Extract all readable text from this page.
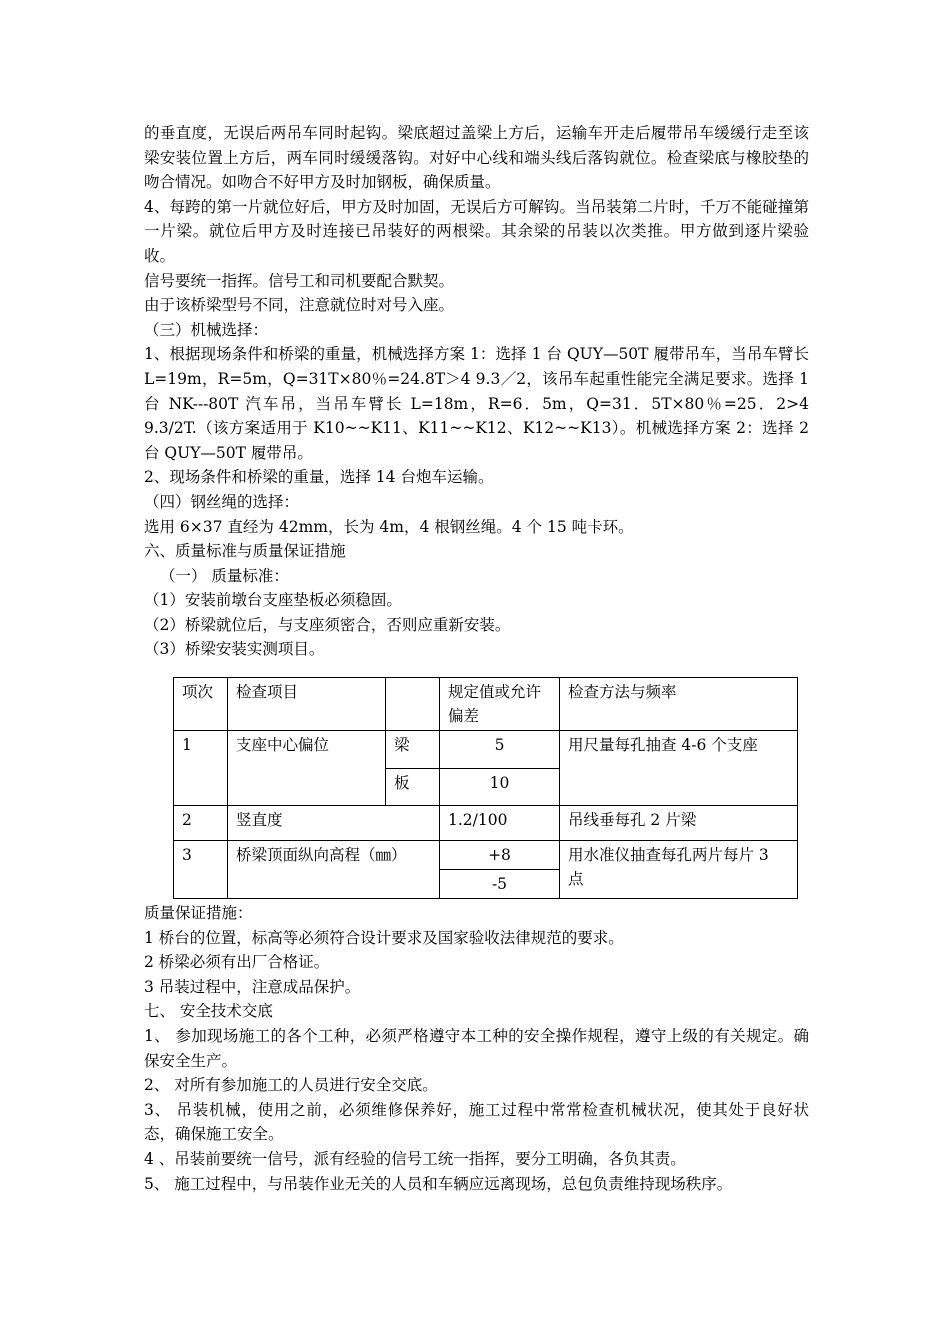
的垂直度，无误后两吊车同时起钩。梁底超过盖梁上方后，运输车开走后履带吊车缓缓行走至该梁安装位置上方后，两车同时缓缓落钩。对好中心线和端头线后落钩就位。检查梁底与橡胶垫的吻合情况。如吻合不好甲方及时加钢板，确保质量。

4、每跨的第一片就位好后，甲方及时加固，无误后方可解钩。当吊装第二片时，千万不能碰撞第一片梁。就位后甲方及时连接已吊装好的两根梁。其余梁的吊装以次类推。甲方做到逐片梁验收。

信号要统一指挥。信号工和司机要配合默契。

由于该桥梁型号不同，注意就位时对号入座。

（三）机械选择：

1、根据现场条件和桥梁的重量，机械选择方案 1：选择 1 台 QUY—50T 履带吊车，当吊车臂长 L=19m，R=5m，Q=31T×80％=24.8T＞4 9.3／2，该吊车起重性能完全满足要求。选择 1 台 NK---80T 汽车吊，当吊车臂长 L=18m，R=6．5m，Q=31．5T×80％=25．2>4 9.3/2T.（该方案适用于 K10~~K11、K11~~K12、K12~~K13）。机械选择方案 2：选择 2 台 QUY—50T 履带吊。

2、现场条件和桥梁的重量，选择 14 台炮车运输。

（四）钢丝绳的选择：

选用 6×37 直经为 42mm，长为 4m，4 根钢丝绳。4 个 15 吨卡环。

六、质量标准与质量保证措施

（一） 质量标准：

（1）安装前墩台支座垫板必须稳固。

（2）桥梁就位后，与支座须密合，否则应重新安装。

（3）桥梁安装实测项目。

项次	检查项目		规定值或允许偏差	检查方法与频率
1	支座中心偏位	梁	5	用尺量每孔抽查 4-6 个支座
		板	10	
2	竖直度		1.2/100	吊线垂每孔 2 片梁
3	桥梁顶面纵向高程（㎜）		+8	用水准仪抽查每孔两片每片 3 点
			-5	

质量保证措施：

1 桥台的位置，标高等必须符合设计要求及国家验收法律规范的要求。

2 桥梁必须有出厂合格证。

3 吊装过程中，注意成品保护。

七、 安全技术交底

1、 参加现场施工的各个工种，必须严格遵守本工种的安全操作规程，遵守上级的有关规定。确保安全生产。

2、 对所有参加施工的人员进行安全交底。

3、 吊装机械，使用之前，必须维修保养好，施工过程中常常检查机械状况，使其处于良好状态，确保施工安全。

4 、吊装前要统一信号，派有经验的信号工统一指挥，要分工明确，各负其责。

5、 施工过程中，与吊装作业无关的人员和车辆应远离现场，总包负责维持现场秩序。
